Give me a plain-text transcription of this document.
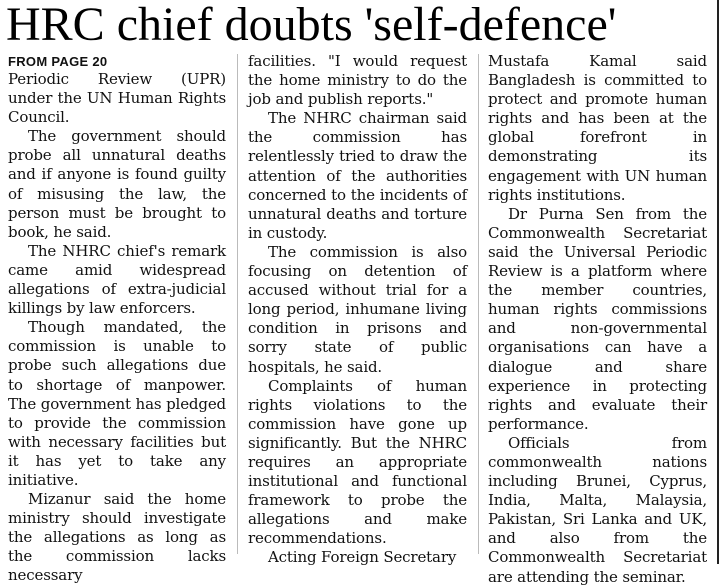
HRC chief doubts 'self-defence'
FROM PAGE 20

Periodic Review (UPR) under the UN Human Rights Council.

The government should probe all unnatural deaths and if anyone is found guilty of misusing the law, the person must be brought to book, he said.

The NHRC chief's remark came amid widespread allegations of extra-judicial killings by law enforcers.

Though mandated, the commission is unable to probe such allegations due to shortage of manpower. The government has pledged to provide the commission with necessary facilities but it has yet to take any initiative.

Mizanur said the home ministry should investigate the allegations as long as the commission lacks necessary

facilities. "I would request the home ministry to do the job and publish reports."

The NHRC chairman said the commission has relentlessly tried to draw the attention of the authorities concerned to the incidents of unnatural deaths and torture in custody.

The commission is also focusing on detention of accused without trial for a long period, inhumane living condition in prisons and sorry state of public hospitals, he said.

Complaints of human rights violations to the commission have gone up significantly. But the NHRC requires an appropriate institutional and functional framework to probe the allegations and make recommendations.

Acting Foreign Secretary

Mustafa Kamal said Bangladesh is committed to protect and promote human rights and has been at the global forefront in demonstrating its engagement with UN human rights institutions.

Dr Purna Sen from the Commonwealth Secretariat said the Universal Periodic Review is a platform where the member countries, human rights commissions and non-governmental organisations can have a dialogue and share experience in protecting rights and evaluate their performance.

Officials from commonwealth nations including Brunei, Cyprus, India, Malta, Malaysia, Pakistan, Sri Lanka and UK, and also from the Commonwealth Secretariat are attending the seminar.
